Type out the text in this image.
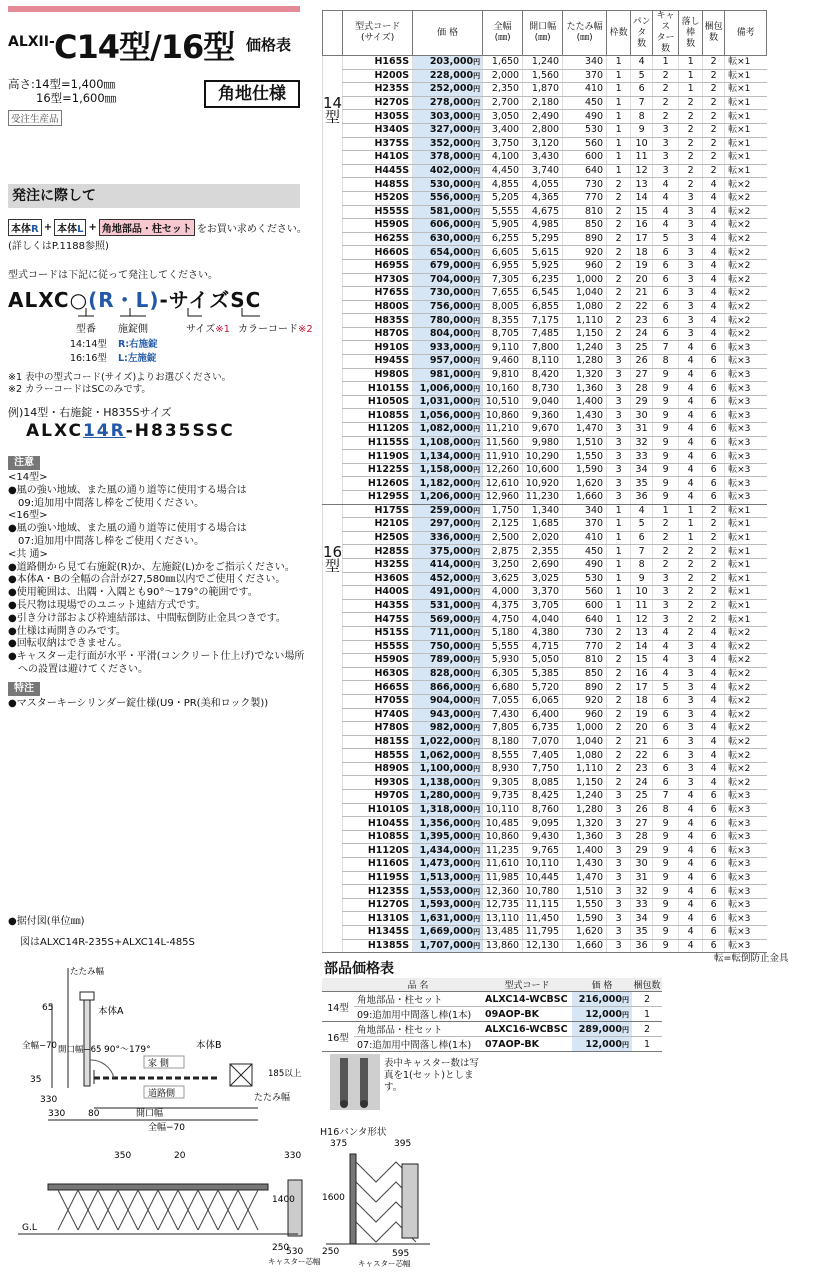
ALXII- C14型/16型 価格表
高さ:14型=1,400㎜
16型=1,600㎜	角地仕様
受注生産品
発注に際して
本体R + 本体L + 角地部品・柱セット をお買い求めください。
(詳しくはP.1188参照)
型式コードは下記に従って発注してください。
ALXC○(R・L)-サイズSC
型番 施錠側	サイズ※1 カラーコード※2
14:14型
16:16型
R:右施錠
L:左施錠
※1 表中の型式コード(サイズ)よりお選びください。
※2 カラーコードはSCのみです。
例)14型・右施錠・H835Sサイズ
ALXC14R-H835SSC
注意
<14型>
●風の強い地域、また風の通り道等に使用する場合は
09:追加用中間落し棒をご使用ください。
<16型>
●風の強い地域、また風の通り道等に使用する場合は
07:追加用中間落し棒をご使用ください。
<共 通>
●道路側から見て右施錠(R)か、左施錠(L)かをご指示ください。
●本体A・Bの全幅の合計が27,580㎜以内でご使用ください。
●使用範囲は、出隅・入隅とも90°〜179°の範囲です。
●長尺物は現場でのユニット連結方式です。
●引き分け部および枠連結部は、中間転倒防止金具つきです。
●仕様は両開きのみです。
●回転収納はできません。
●キャスター走行面が水平・平滑(コンクリート仕上げ)でない場所
への設置は避けてください。
特注
●マスターキーシリンダー錠仕様(U9・PR(美和ロック製))
●据付図(単位㎜)
図はALXC14R-235S+ALXC14L-485S
本体A
本体B
90°〜179°
家 側
道路側
開口幅
たたみ幅
全幅−70
330	80
35
330
185以上
65
開口幅−65
全幅−70
たたみ幅
350	20	330
1400
G.L
250
530
キャスター芯幅
	型式コード
(サイズ)	価 格	全幅
(㎜)	開口幅
(㎜)	たたみ幅
(㎜)	枠数	パンタ
数	キャス
ター数	落し棒
数	梱包
数	備考
14
型	H165S	203,000円	1,650	1,240	340	1	4	1	1	2	転×1
	H200S	228,000円	2,000	1,560	370	1	5	2	1	2	転×1
	H235S	252,000円	2,350	1,870	410	1	6	2	1	2	転×1
	H270S	278,000円	2,700	2,180	450	1	7	2	2	2	転×1
	H305S	303,000円	3,050	2,490	490	1	8	2	2	2	転×1
	H340S	327,000円	3,400	2,800	530	1	9	3	2	2	転×1
	H375S	352,000円	3,750	3,120	560	1	10	3	2	2	転×1
	H410S	378,000円	4,100	3,430	600	1	11	3	2	2	転×1
	H445S	402,000円	4,450	3,740	640	1	12	3	2	2	転×1
	H485S	530,000円	4,855	4,055	730	2	13	4	2	4	転×2
	H520S	556,000円	5,205	4,365	770	2	14	4	3	4	転×2
	H555S	581,000円	5,555	4,675	810	2	15	4	3	4	転×2
	H590S	606,000円	5,905	4,985	850	2	16	4	3	4	転×2
	H625S	630,000円	6,255	5,295	890	2	17	5	3	4	転×2
	H660S	654,000円	6,605	5,615	920	2	18	6	3	4	転×2
	H695S	679,000円	6,955	5,925	960	2	19	6	3	4	転×2
	H730S	704,000円	7,305	6,235	1,000	2	20	6	3	4	転×2
	H765S	730,000円	7,655	6,545	1,040	2	21	6	3	4	転×2
	H800S	756,000円	8,005	6,855	1,080	2	22	6	3	4	転×2
	H835S	780,000円	8,355	7,175	1,110	2	23	6	3	4	転×2
	H870S	804,000円	8,705	7,485	1,150	2	24	6	3	4	転×2
	H910S	933,000円	9,110	7,800	1,240	3	25	7	4	6	転×3
	H945S	957,000円	9,460	8,110	1,280	3	26	8	4	6	転×3
	H980S	981,000円	9,810	8,420	1,320	3	27	9	4	6	転×3
	H1015S	1,006,000円	10,160	8,730	1,360	3	28	9	4	6	転×3
	H1050S	1,031,000円	10,510	9,040	1,400	3	29	9	4	6	転×3
	H1085S	1,056,000円	10,860	9,360	1,430	3	30	9	4	6	転×3
	H1120S	1,082,000円	11,210	9,670	1,470	3	31	9	4	6	転×3
	H1155S	1,108,000円	11,560	9,980	1,510	3	32	9	4	6	転×3
	H1190S	1,134,000円	11,910	10,290	1,550	3	33	9	4	6	転×3
	H1225S	1,158,000円	12,260	10,600	1,590	3	34	9	4	6	転×3
	H1260S	1,182,000円	12,610	10,920	1,620	3	35	9	4	6	転×3
	H1295S	1,206,000円	12,960	11,230	1,660	3	36	9	4	6	転×3
16
型	H175S	259,000円	1,750	1,340	340	1	4	1	1	2	転×1
	H210S	297,000円	2,125	1,685	370	1	5	2	1	2	転×1
	H250S	336,000円	2,500	2,020	410	1	6	2	1	2	転×1
	H285S	375,000円	2,875	2,355	450	1	7	2	2	2	転×1
	H325S	414,000円	3,250	2,690	490	1	8	2	2	2	転×1
	H360S	452,000円	3,625	3,025	530	1	9	3	2	2	転×1
	H400S	491,000円	4,000	3,370	560	1	10	3	2	2	転×1
	H435S	531,000円	4,375	3,705	600	1	11	3	2	2	転×1
	H475S	569,000円	4,750	4,040	640	1	12	3	2	2	転×1
	H515S	711,000円	5,180	4,380	730	2	13	4	2	4	転×2
	H555S	750,000円	5,555	4,715	770	2	14	4	3	4	転×2
	H590S	789,000円	5,930	5,050	810	2	15	4	3	4	転×2
	H630S	828,000円	6,305	5,385	850	2	16	4	3	4	転×2
	H665S	866,000円	6,680	5,720	890	2	17	5	3	4	転×2
	H705S	904,000円	7,055	6,065	920	2	18	6	3	4	転×2
	H740S	943,000円	7,430	6,400	960	2	19	6	3	4	転×2
	H780S	982,000円	7,805	6,735	1,000	2	20	6	3	4	転×2
	H815S	1,022,000円	8,180	7,070	1,040	2	21	6	3	4	転×2
	H855S	1,062,000円	8,555	7,405	1,080	2	22	6	3	4	転×2
	H890S	1,100,000円	8,930	7,750	1,110	2	23	6	3	4	転×2
	H930S	1,138,000円	9,305	8,085	1,150	2	24	6	3	4	転×2
	H970S	1,280,000円	9,735	8,425	1,240	3	25	7	4	6	転×3
	H1010S	1,318,000円	10,110	8,760	1,280	3	26	8	4	6	転×3
	H1045S	1,356,000円	10,485	9,095	1,320	3	27	9	4	6	転×3
	H1085S	1,395,000円	10,860	9,430	1,360	3	28	9	4	6	転×3
	H1120S	1,434,000円	11,235	9,765	1,400	3	29	9	4	6	転×3
	H1160S	1,473,000円	11,610	10,110	1,430	3	30	9	4	6	転×3
	H1195S	1,513,000円	11,985	10,445	1,470	3	31	9	4	6	転×3
	H1235S	1,553,000円	12,360	10,780	1,510	3	32	9	4	6	転×3
	H1270S	1,593,000円	12,735	11,115	1,550	3	33	9	4	6	転×3
	H1310S	1,631,000円	13,110	11,450	1,590	3	34	9	4	6	転×3
	H1345S	1,669,000円	13,485	11,795	1,620	3	35	9	4	6	転×3
	H1385S	1,707,000円	13,860	12,130	1,660	3	36	9	4	6	転×3
転=転倒防止金具
部品価格表
	品 名	型式コード	価 格	梱包数
14型	角地部品・柱セット	ALXC14-WCBSC	216,000円	2
	09:追加用中間落し棒(1本)	09AOP-BK	12,000円	1
16型	角地部品・柱セット	ALXC16-WCBSC	289,000円	2
	07:追加用中間落し棒(1本)	07AOP-BK	12,000円	1
表中キャスター数は写真を1(セット)とします。
H16パンタ形状
375	395
1600
250	595
キャスター芯幅
